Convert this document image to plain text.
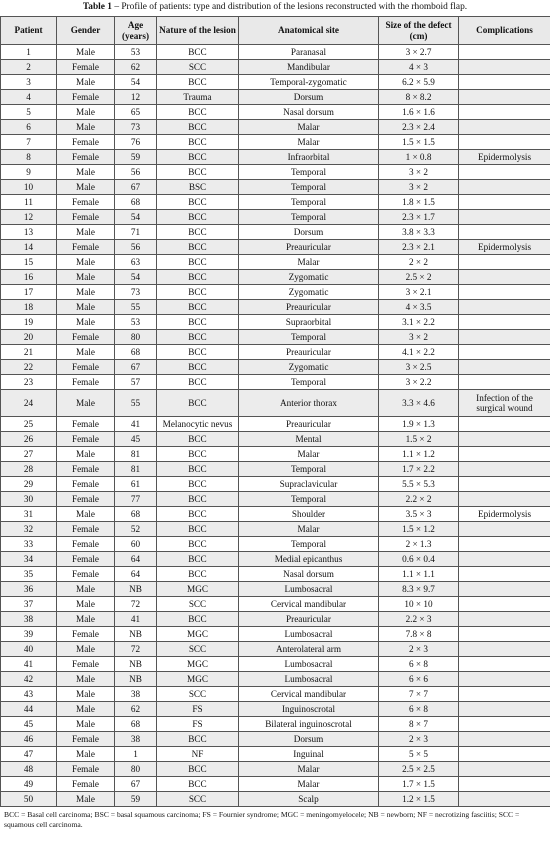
Table 1 – Profile of patients: type and distribution of the lesions reconstructed with the rhomboid flap.
Patient	Gender	Age (years)	Nature of the lesion	Anatomical site	Size of the defect (cm)	Complications
1	Male	53	BCC	Paranasal	3 × 2.7	
2	Female	62	SCC	Mandibular	4 × 3	
3	Male	54	BCC	Temporal-zygomatic	6.2 × 5.9	
4	Female	12	Trauma	Dorsum	8 × 8.2	
5	Male	65	BCC	Nasal dorsum	1.6 × 1.6	
6	Male	73	BCC	Malar	2.3 × 2.4	
7	Female	76	BCC	Malar	1.5 × 1.5	
8	Female	59	BCC	Infraorbital	1 × 0.8	Epidermolysis
9	Male	56	BCC	Temporal	3 × 2	
10	Male	67	BSC	Temporal	3 × 2	
11	Female	68	BCC	Temporal	1.8 × 1.5	
12	Female	54	BCC	Temporal	2.3 × 1.7	
13	Male	71	BCC	Dorsum	3.8 × 3.3	
14	Female	56	BCC	Preauricular	2.3 × 2.1	Epidermolysis
15	Male	63	BCC	Malar	2 × 2	
16	Male	54	BCC	Zygomatic	2.5 × 2	
17	Male	73	BCC	Zygomatic	3 × 2.1	
18	Male	55	BCC	Preauricular	4 × 3.5	
19	Male	53	BCC	Supraorbital	3.1 × 2.2	
20	Female	80	BCC	Temporal	3 × 2	
21	Male	68	BCC	Preauricular	4.1 × 2.2	
22	Female	67	BCC	Zygomatic	3 × 2.5	
23	Female	57	BCC	Temporal	3 × 2.2	
24	Male	55	BCC	Anterior thorax	3.3 × 4.6	Infection of the surgical wound
25	Female	41	Melanocytic nevus	Preauricular	1.9 × 1.3	
26	Female	45	BCC	Mental	1.5 × 2	
27	Male	81	BCC	Malar	1.1 × 1.2	
28	Female	81	BCC	Temporal	1.7 × 2.2	
29	Female	61	BCC	Supraclavicular	5.5 × 5.3	
30	Female	77	BCC	Temporal	2.2 × 2	
31	Male	68	BCC	Shoulder	3.5 × 3	Epidermolysis
32	Female	52	BCC	Malar	1.5 × 1.2	
33	Female	60	BCC	Temporal	2 × 1.3	
34	Female	64	BCC	Medial epicanthus	0.6 × 0.4	
35	Female	64	BCC	Nasal dorsum	1.1 × 1.1	
36	Male	NB	MGC	Lumbosacral	8.3 × 9.7	
37	Male	72	SCC	Cervical mandibular	10 × 10	
38	Male	41	BCC	Preauricular	2.2 × 3	
39	Female	NB	MGC	Lumbosacral	7.8 × 8	
40	Male	72	SCC	Anterolateral arm	2 × 3	
41	Female	NB	MGC	Lumbosacral	6 × 8	
42	Male	NB	MGC	Lumbosacral	6 × 6	
43	Male	38	SCC	Cervical mandibular	7 × 7	
44	Male	62	FS	Inguinoscrotal	6 × 8	
45	Male	68	FS	Bilateral inguinoscrotal	8 × 7	
46	Female	38	BCC	Dorsum	2 × 3	
47	Male	1	NF	Inguinal	5 × 5	
48	Female	80	BCC	Malar	2.5 × 2.5	
49	Female	67	BCC	Malar	1.7 × 1.5	
50	Male	59	SCC	Scalp	1.2 × 1.5	
BCC = Basal cell carcinoma; BSC = basal squamous carcinoma; FS = Fournier syndrome; MGC = meningomyelocele; NB = newborn; NF = necrotizing fasciitis; SCC = squamous cell carcinoma.
